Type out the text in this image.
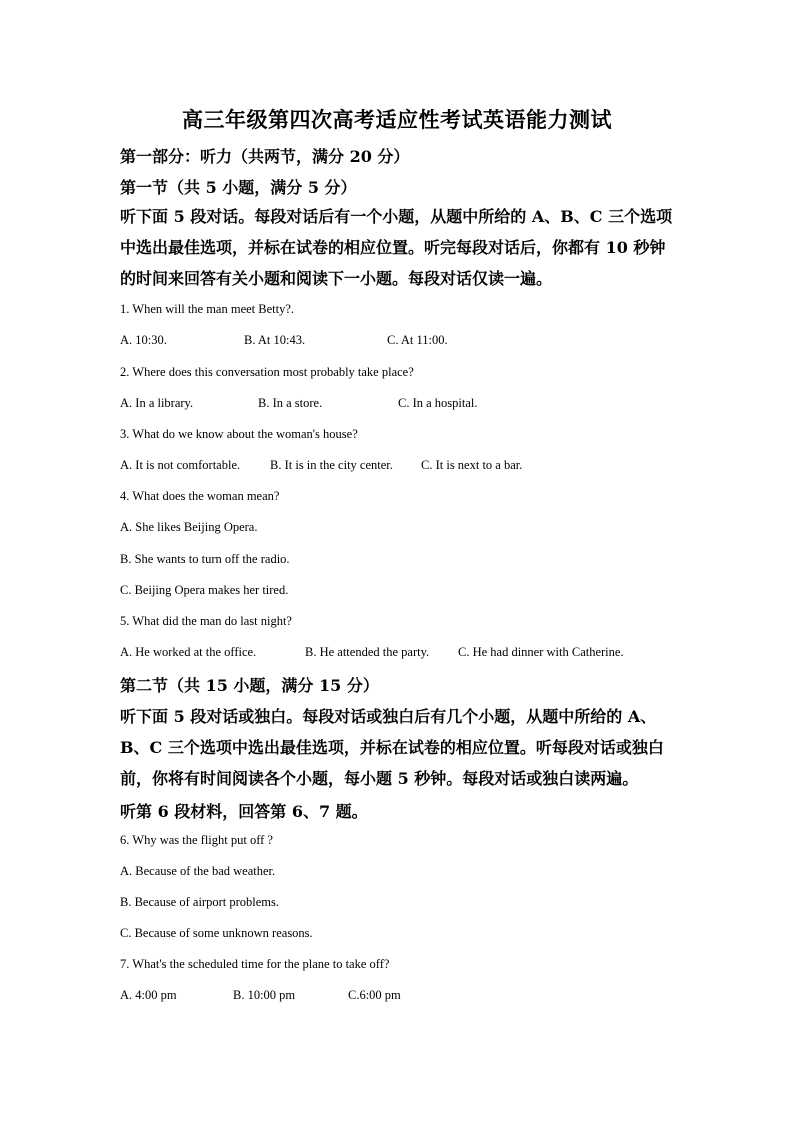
高三年级第四次高考适应性考试英语能力测试
第一部分：听力（共两节，满分 20 分）
第一节（共 5 小题，满分 5 分）
听下面 5 段对话。每段对话后有一个小题，从题中所给的 A、B、C 三个选项中选出最佳选项，并标在试卷的相应位置。听完每段对话后，你都有 10 秒钟的时间来回答有关小题和阅读下一小题。每段对话仅读一遍。
1. When will the man meet Betty?.
A. 10:30.	B. At 10:43.	C. At 11:00.
2. Where does this conversation most probably take place?
A. In a library.	B. In a store.	C. In a hospital.
3. What do we know about the woman's house?
A. It is not comfortable. B. It is in the city center. C. It is next to a bar.
4. What does the woman mean?
A. She likes Beijing Opera.
B. She wants to turn off the radio.
C. Beijing Opera makes her tired.
5. What did the man do last night?
A. He worked at the office.	B. He attended the party. C. He had dinner with Catherine.
第二节（共 15 小题，满分 15 分）
听下面 5 段对话或独白。每段对话或独白后有几个小题，从题中所给的 A、B、C 三个选项中选出最佳选项，并标在试卷的相应位置。听每段对话或独白前，你将有时间阅读各个小题，每小题 5 秒钟。每段对话或独白读两遍。
听第 6 段材料，回答第 6、7 题。
6. Why was the flight put off ?
A. Because of the bad weather.
B. Because of airport problems.
C. Because of some unknown reasons.
7. What's the scheduled time for the plane to take off?
A. 4:00 pm	B. 10:00 pm	C.6:00 pm
